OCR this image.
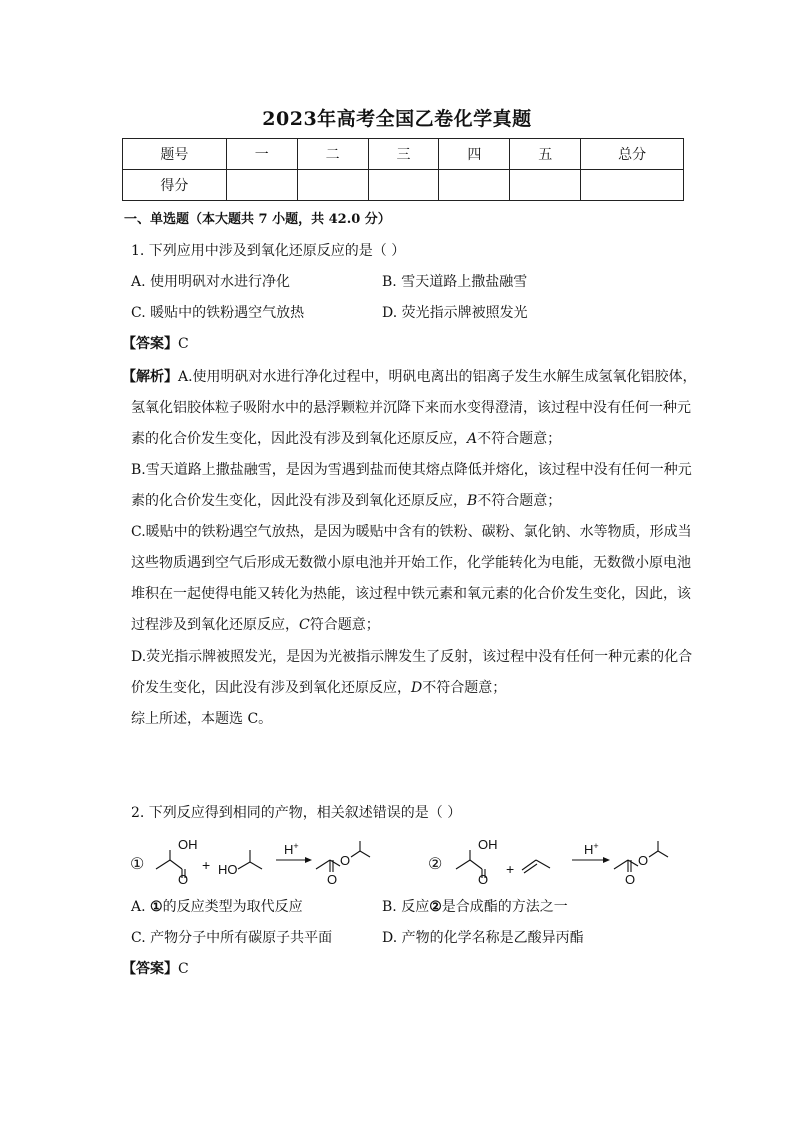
2023年高考全国乙卷化学真题
题号	一	二	三	四	五	总分
得分						
一、单选题（本大题共 7 小题，共 42.0 分）
1. 下列应用中涉及到氧化还原反应的是（ ）
A. 使用明矾对水进行净化	B. 雪天道路上撒盐融雪
C. 暖贴中的铁粉遇空气放热	D. 荧光指示牌被照发光
【答案】C
【解析】A.使用明矾对水进行净化过程中，明矾电离出的铝离子发生水解生成氢氧化铝胶体，
氢氧化铝胶体粒子吸附水中的悬浮颗粒并沉降下来而水变得澄清，该过程中没有任何一种元
素的化合价发生变化，因此没有涉及到氧化还原反应，A不符合题意；
B.雪天道路上撒盐融雪，是因为雪遇到盐而使其熔点降低并熔化，该过程中没有任何一种元
素的化合价发生变化，因此没有涉及到氧化还原反应，B不符合题意；
C.暖贴中的铁粉遇空气放热，是因为暖贴中含有的铁粉、碳粉、氯化钠、水等物质，形成当
这些物质遇到空气后形成无数微小原电池并开始工作，化学能转化为电能，无数微小原电池
堆积在一起使得电能又转化为热能，该过程中铁元素和氧元素的化合价发生变化，因此，该
过程涉及到氧化还原反应，C符合题意；
D.荧光指示牌被照发光，是因为光被指示牌发生了反射，该过程中没有任何一种元素的化合
价发生变化，因此没有涉及到氧化还原反应，D不符合题意；
综上所述，本题选 C。
2. 下列反应得到相同的产物，相关叙述错误的是（ ）
①
OH
O
+ HO
H+
O
O
②
OH
O
+
H+
O
O
A. ①的反应类型为取代反应	B. 反应②是合成酯的方法之一
C. 产物分子中所有碳原子共平面	D. 产物的化学名称是乙酸异丙酯
【答案】C
